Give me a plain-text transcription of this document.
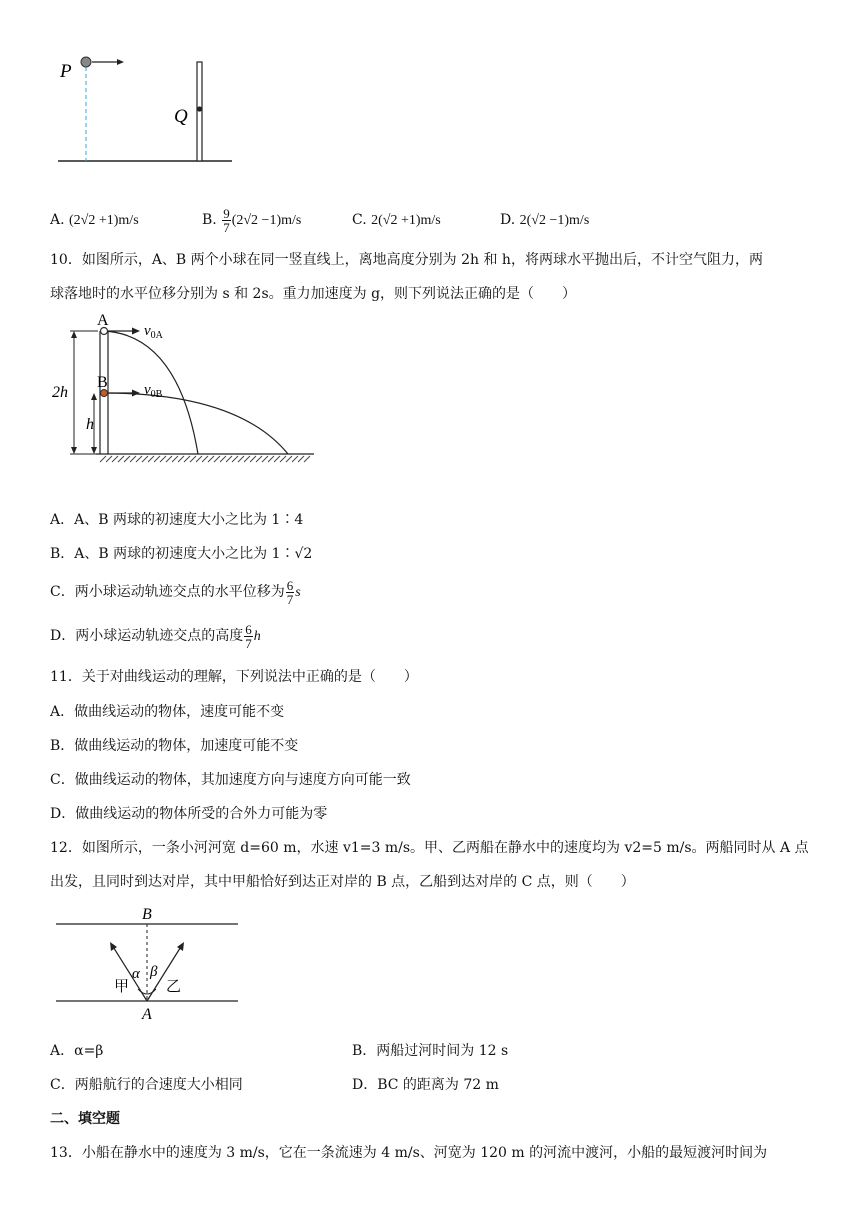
P
Q
A. (2√2 +1)m/s	B. $\frac{9}{7} (2√2 -1)m/s$	C. 2(√2 +1)m/s	D. 2(√2 −1)m/s
10．如图所示，A、B 两个小球在同一竖直线上，离地高度分别为 2h 和 h，将两球水平抛出后，不计空气阻力，两
球落地时的水平位移分别为 s 和 2s。重力加速度为 g，则下列说法正确的是（　　）
A
B
$v_{0A}$
$v_{0B}$
2h
h
A．A、B 两球的初速度大小之比为 1∶4
B．A、B 两球的初速度大小之比为 1∶√2
C．两小球运动轨迹交点的水平位移为 $\frac{6}{7}$ s
D．两小球运动轨迹交点的高度 $\frac{6}{7}$ h
11．关于对曲线运动的理解，下列说法中正确的是（　　）
A．做曲线运动的物体，速度可能不变
B．做曲线运动的物体，加速度可能不变
C．做曲线运动的物体，其加速度方向与速度方向可能一致
D．做曲线运动的物体所受的合外力可能为零
12．如图所示，一条小河河宽 d=60 m，水速 v1=3 m/s。甲、乙两船在静水中的速度均为 v2=5 m/s。两船同时从 A 点
出发，且同时到达对岸，其中甲船恰好到达正对岸的 B 点，乙船到达对岸的 C 点，则（　　）
B
A
α β
甲 乙
A．α=β	B．两船过河时间为 12 s
C．两船航行的合速度大小相同	D．BC 的距离为 72 m
二、填空题
13．小船在静水中的速度为 3 m/s，它在一条流速为 4 m/s、河宽为 120 m 的河流中渡河，小船的最短渡河时间为
